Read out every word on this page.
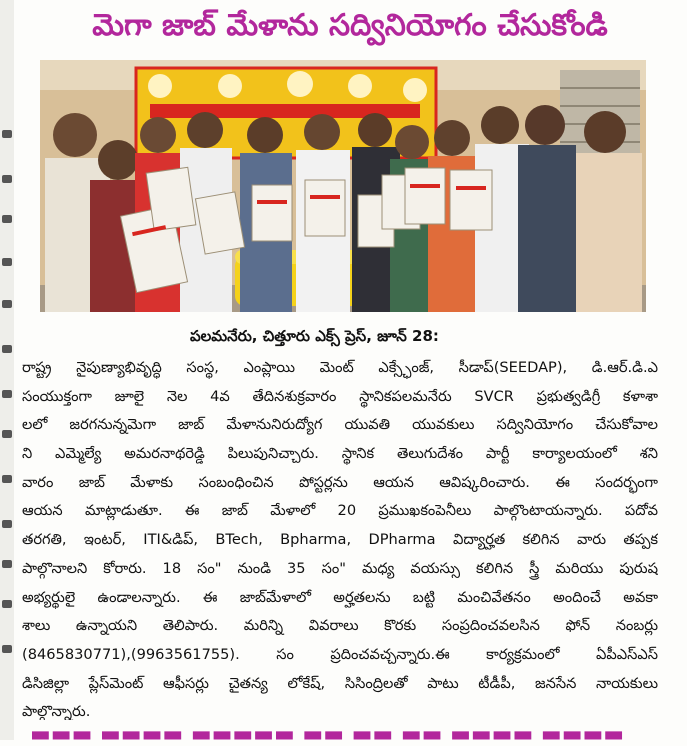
మెగా జాబ్ మేళాను సద్వినియోగం చేసుకోండి
పలమనేరు, చిత్తూరు ఎక్స్ ప్రెస్, జూన్ 28:
రాష్ట్ర నైపుణ్యాభివృద్ధి సంస్థ, ఎంప్లాయి మెంట్ ఎక్స్ఛేంజ్, సీడాప్(SEEDAP), డి.ఆర్.డి.ఎ
సంయుక్తంగా జూలై నెల 4వ తేదినశుక్రవారం స్థానికపలమనేరు SVCR ప్రభుత్వడిగ్రీ కళాశా
లలో జరగనున్నమెగా జాబ్ మేళానునిరుద్యోగ యువతి యువకులు సద్వినియోగం చేసుకోవాల
ని ఎమ్మెల్యే అమరనాథరెడ్డి పిలుపునిచ్చారు. స్థానిక తెలుగుదేశం పార్టీ కార్యాలయంలో శని
వారం జాబ్ మేళాకు సంబంధించిన పోస్టర్లను ఆయన ఆవిష్కరించారు. ఈ సందర్భంగా
ఆయన మాట్లాడుతూ. ఈ జాబ్ మేళాలో 20 ప్రముఖకంపెనీలు పాల్గొంటాయన్నారు. పదోవ
తరగతి, ఇంటర్, ITI&డిప్, BTech, Bpharma, DPharma విద్యార్హత కలిగిన వారు తప్పక
పాల్గొనాలని కోరారు. 18 సం" నుండి 35 సం" మధ్య వయస్సు కలిగిన స్త్రీ మరియు పురుష
అభ్యర్థులై ఉండాలన్నారు. ఈ జాబ్‌మేళాలో అర్హతలను బట్టి మంచివేతనం అందించే అవకా
శాలు ఉన్నాయని తెలిపారు. మరిన్ని వివరాలు కొరకు సంప్రదించవలసిన ఫోన్ నంబర్లు
(8465830771),(9963561755). సం ప్రదించవచ్చన్నారు.ఈ కార్యక్రమంలో ఏపీఎస్ఎస్
డిసిజిల్లా ప్లేస్‌మెంట్ ఆఫీసర్లు చైతన్య లోకేష్, సిసింద్రిలతో పాటు టీడీపీ, జనసేన నాయకులు
పాల్గొన్నారు.
▬▬▬ ▬▬▬▬ ▬▬▬▬▬ ▬▬ ▬▬ ▬▬ ▬▬▬▬ ▬▬▬▬
